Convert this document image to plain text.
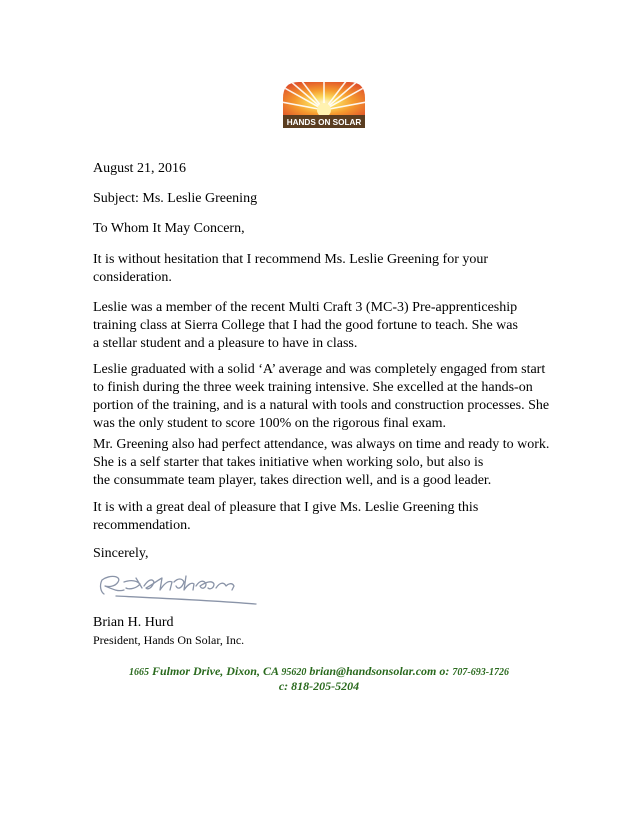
HANDS ON SOLAR
August 21, 2016
Subject: Ms. Leslie Greening
To Whom It May Concern,
It is without hesitation that I recommend Ms. Leslie Greening for your
consideration.
Leslie was a member of the recent Multi Craft 3 (MC-3) Pre-apprenticeship
training class at Sierra College that I had the good fortune to teach. She was
a stellar student and a pleasure to have in class.
Leslie graduated with a solid ‘A’ average and was completely engaged from start
to finish during the three week training intensive. She excelled at the hands-on
portion of the training, and is a natural with tools and construction processes. She
was the only student to score 100% on the rigorous final exam.
Mr. Greening also had perfect attendance, was always on time and ready to work.
She is a self starter that takes initiative when working solo, but also is
the consummate team player, takes direction well, and is a good leader.
It is with a great deal of pleasure that I give Ms. Leslie Greening this
recommendation.
Sincerely,
Brian H. Hurd
President, Hands On Solar, Inc.
1665 Fulmor Drive, Dixon, CA 95620 brian@handsonsolar.com o: 707-693-1726
c: 818-205-5204
